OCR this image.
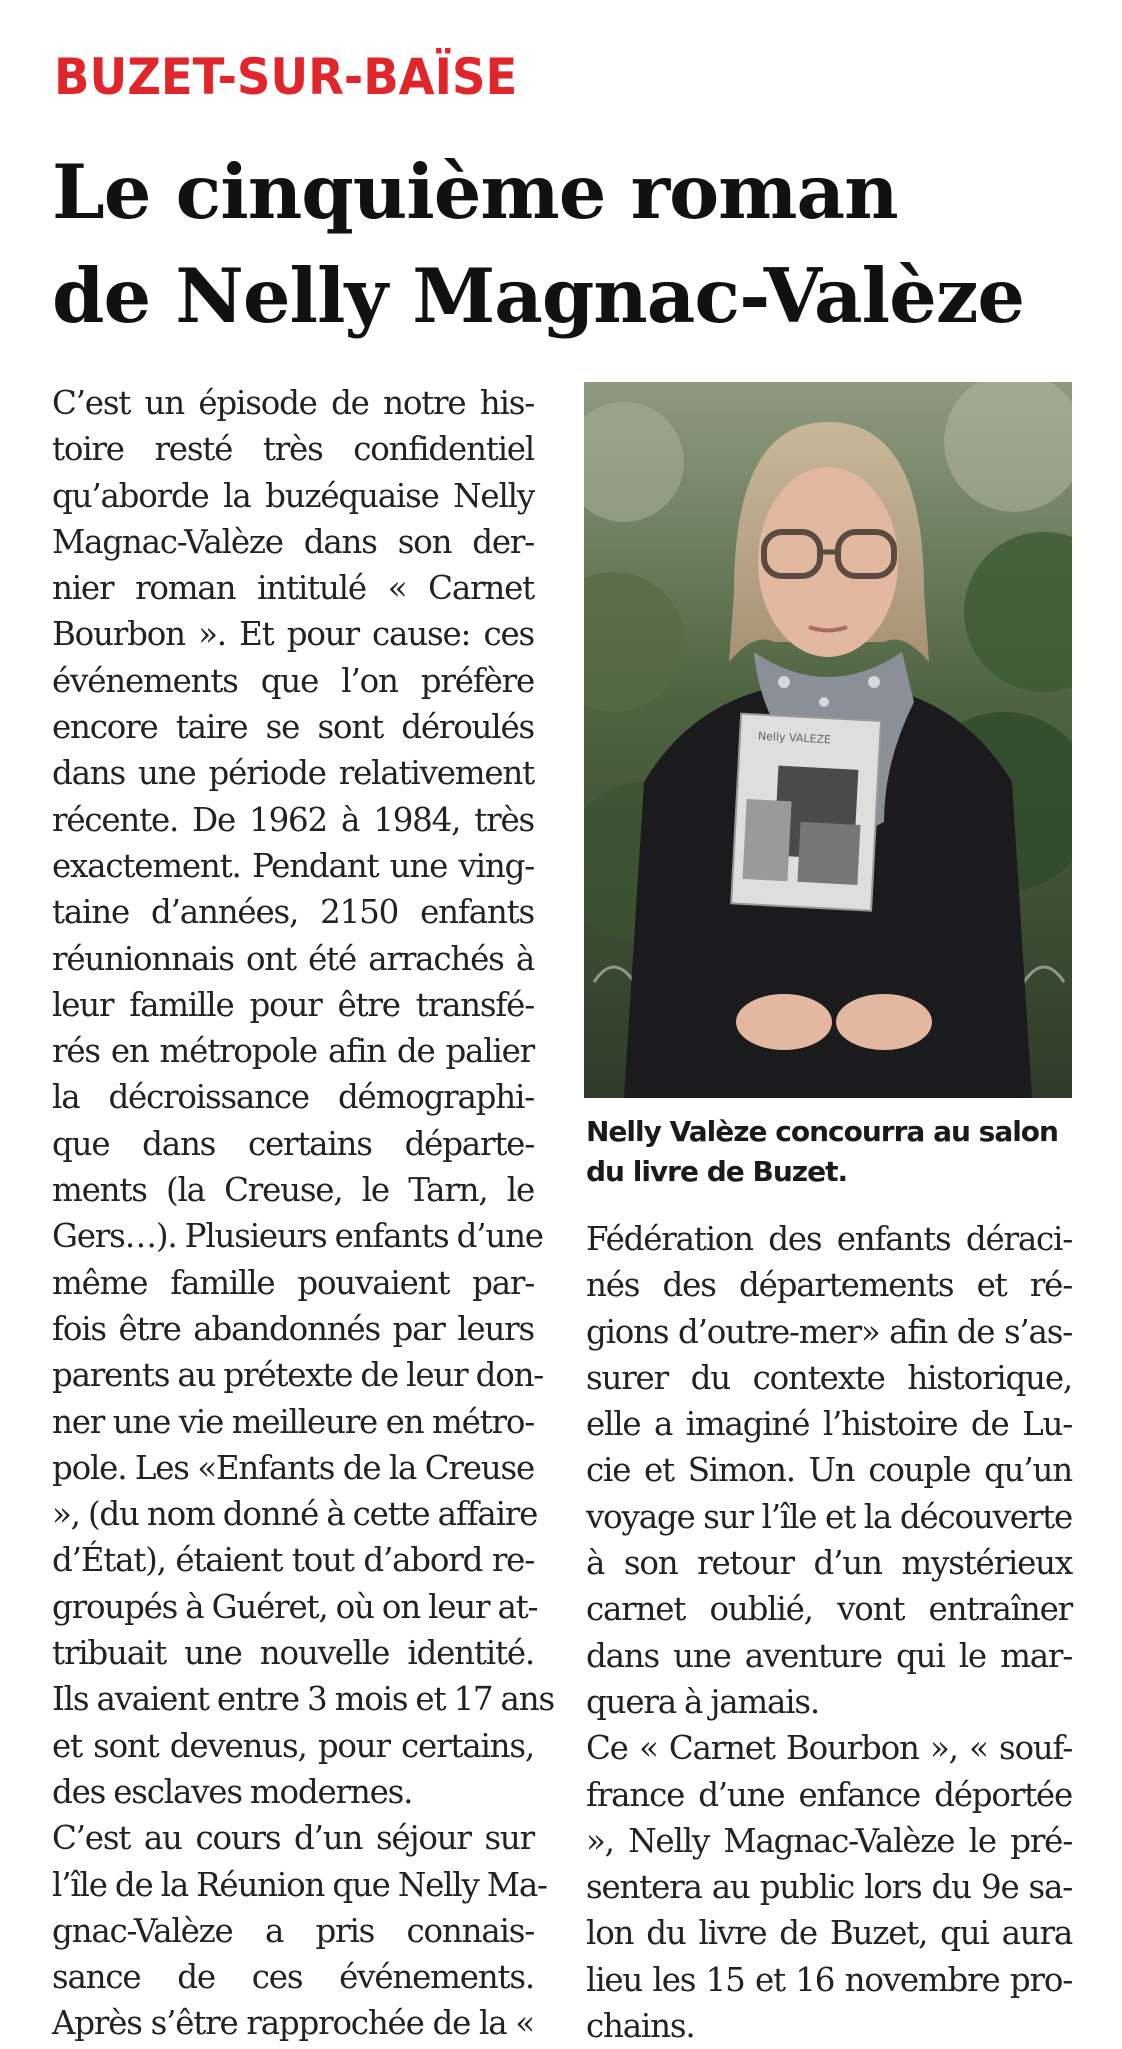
BUZET-SUR-BAÏSE
Le cinquième roman
de Nelly Magnac-Valèze
C’est un épisode de notre his-
toire resté très confidentiel
qu’aborde la buzéquaise Nelly
Magnac-Valèze dans son der-
nier roman intitulé « Carnet
Bourbon ». Et pour cause: ces
événements que l’on préfère
encore taire se sont déroulés
dans une période relativement
récente. De 1962 à 1984, très
exactement. Pendant une ving-
taine d’années, 2150 enfants
réunionnais ont été arrachés à
leur famille pour être transfé-
rés en métropole afin de palier
la décroissance démographi-
que dans certains départe-
ments (la Creuse, le Tarn, le
Gers…). Plusieurs enfants d’une
même famille pouvaient par-
fois être abandonnés par leurs
parents au prétexte de leur don-
ner une vie meilleure en métro-
pole. Les «Enfants de la Creuse
», (du nom donné à cette affaire
d’État), étaient tout d’abord re-
groupés à Guéret, où on leur at-
tribuait une nouvelle identité.
Ils avaient entre 3 mois et 17 ans
et sont devenus, pour certains,
des esclaves modernes.
C’est au cours d’un séjour sur
l’île de la Réunion que Nelly Ma-
gnac-Valèze a pris connais-
sance de ces événements.
Après s’être rapprochée de la «
Nelly VALEZE
Nelly Valèze concourra au salon
du livre de Buzet.
Fédération des enfants déraci-
nés des départements et ré-
gions d’outre-mer» afin de s’as-
surer du contexte historique,
elle a imaginé l’histoire de Lu-
cie et Simon. Un couple qu’un
voyage sur l’île et la découverte
à son retour d’un mystérieux
carnet oublié, vont entraîner
dans une aventure qui le mar-
quera à jamais.
Ce « Carnet Bourbon », « souf-
france d’une enfance déportée
», Nelly Magnac-Valèze le pré-
sentera au public lors du 9e sa-
lon du livre de Buzet, qui aura
lieu les 15 et 16 novembre pro-
chains.
